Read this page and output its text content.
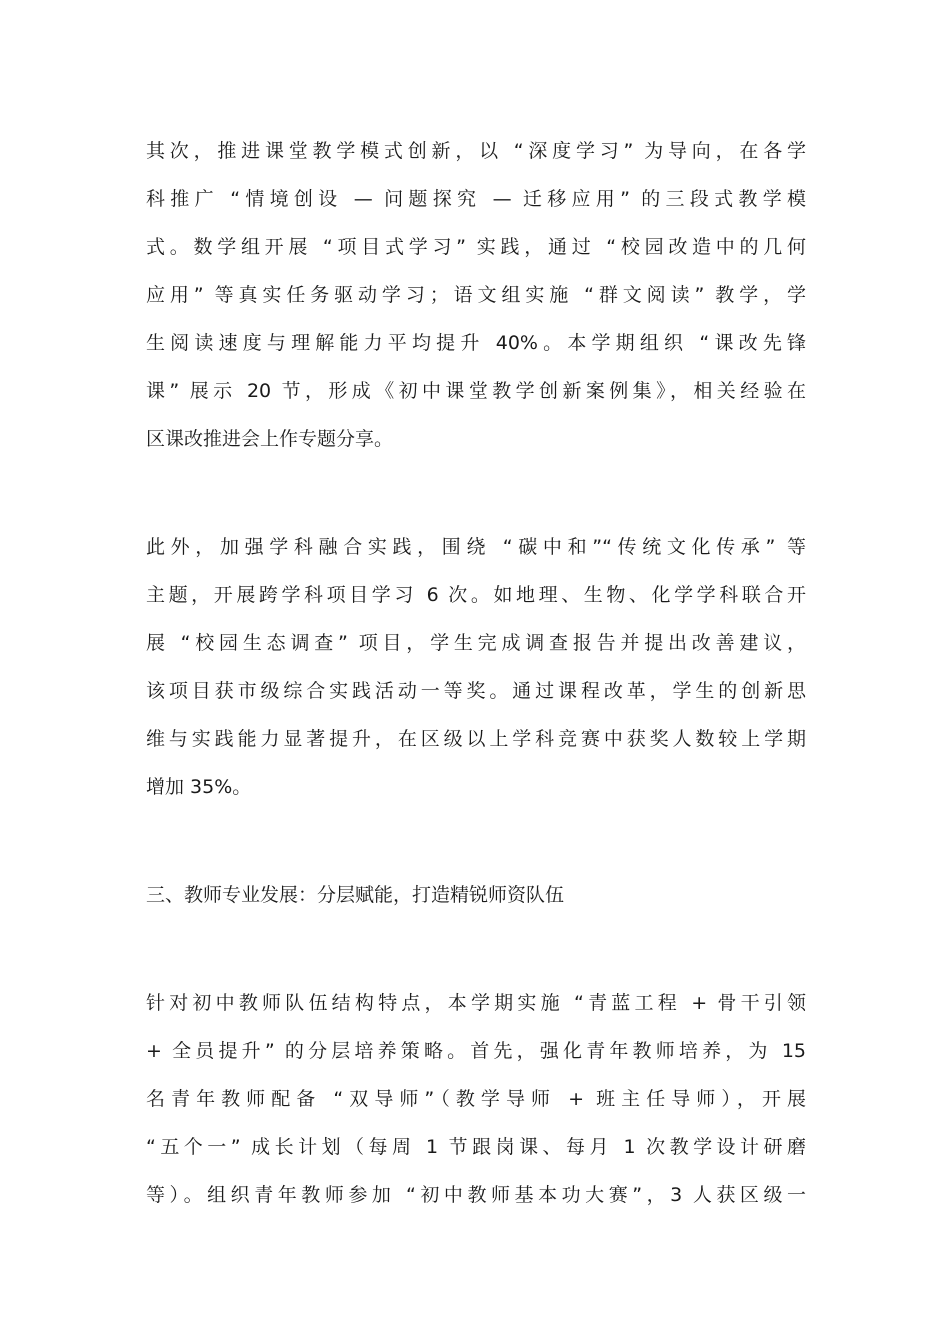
其次，推进课堂教学模式创新，以 “深度学习” 为导向，在各学
科推广 “情境创设 — 问题探究 — 迁移应用” 的三段式教学模
式。数学组开展 “项目式学习” 实践，通过 “校园改造中的几何
应用” 等真实任务驱动学习；语文组实施 “群文阅读” 教学，学
生阅读速度与理解能力平均提升 40%。本学期组织 “课改先锋
课” 展示 20 节，形成《初中课堂教学创新案例集》，相关经验在
区课改推进会上作专题分享。
此外，加强学科融合实践，围绕 “碳中和”“传统文化传承” 等
主题，开展跨学科项目学习 6 次。如地理、生物、化学学科联合开
展 “校园生态调查” 项目，学生完成调查报告并提出改善建议，
该项目获市级综合实践活动一等奖。通过课程改革，学生的创新思
维与实践能力显著提升，在区级以上学科竞赛中获奖人数较上学期
增加 35%。
三、教师专业发展：分层赋能，打造精锐师资队伍
针对初中教师队伍结构特点，本学期实施 “青蓝工程 + 骨干引领
+ 全员提升” 的分层培养策略。首先，强化青年教师培养，为 15
名青年教师配备 “双导师”（教学导师 + 班主任导师），开展
“五个一” 成长计划（每周 1 节跟岗课、每月 1 次教学设计研磨
等）。组织青年教师参加 “初中教师基本功大赛”，3 人获区级一
